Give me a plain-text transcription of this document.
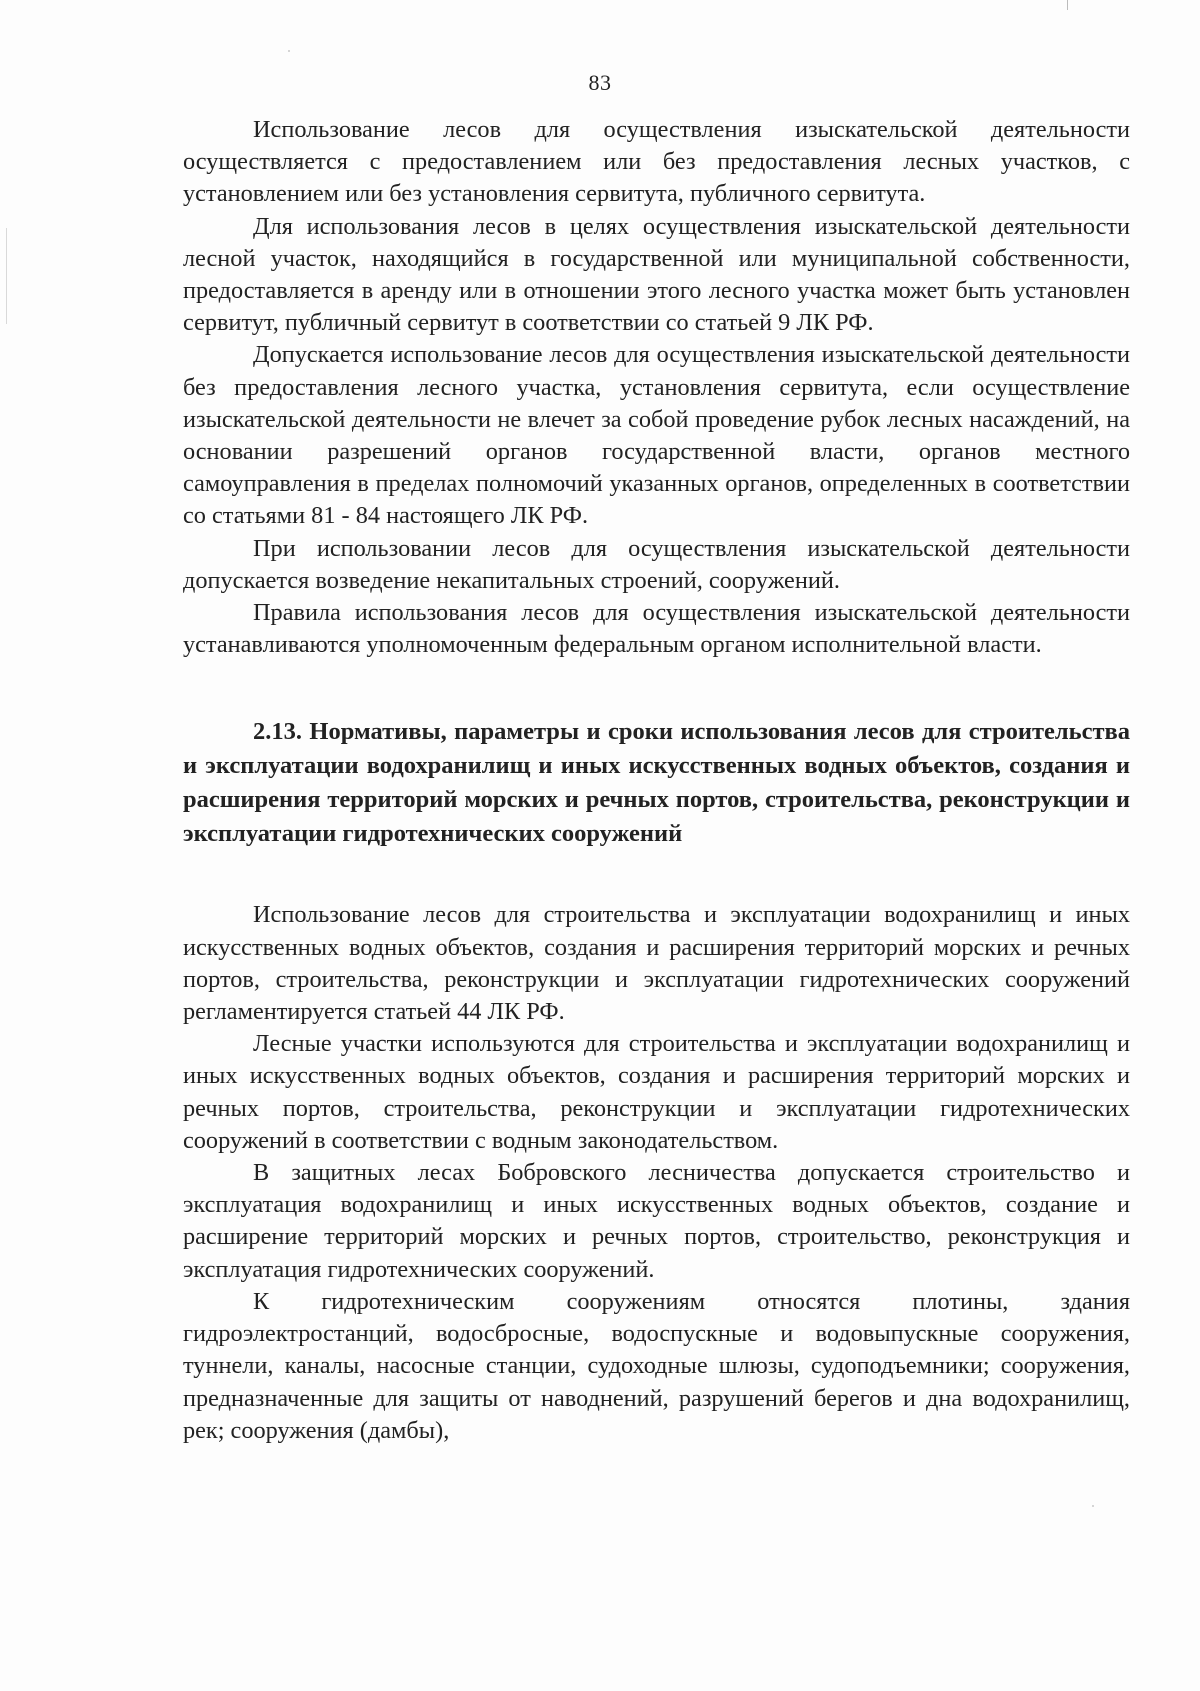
83

Использование лесов для осуществления изыскательской деятельности осуществляется с предоставлением или без предоставления лесных участков, с установлением или без установления сервитута, публичного сервитута.

Для использования лесов в целях осуществления изыскательской деятельности лесной участок, находящийся в государственной или муниципальной собственности, предоставляется в аренду или в отношении этого лесного участка может быть установлен сервитут, публичный сервитут в соответствии со статьей 9 ЛК РФ.

Допускается использование лесов для осуществления изыскательской деятельности без предоставления лесного участка, установления сервитута, если осуществление изыскательской деятельности не влечет за собой проведение рубок лесных насаждений, на основании разрешений органов государственной власти, органов местного самоуправления в пределах полномочий указанных органов, определенных в соответствии со статьями 81 - 84 настоящего ЛК РФ.

При использовании лесов для осуществления изыскательской деятельности допускается возведение некапитальных строений, сооружений.

Правила использования лесов для осуществления изыскательской деятельности устанавливаются уполномоченным федеральным органом исполнительной власти.

2.13. Нормативы, параметры и сроки использования лесов для строительства и эксплуатации водохранилищ и иных искусственных водных объектов, создания и расширения территорий морских и речных портов, строительства, реконструкции и эксплуатации гидротехнических сооружений

Использование лесов для строительства и эксплуатации водохранилищ и иных искусственных водных объектов, создания и расширения территорий морских и речных портов, строительства, реконструкции и эксплуатации гидротехнических сооружений регламентируется статьей 44 ЛК РФ.

Лесные участки используются для строительства и эксплуатации водохранилищ и иных искусственных водных объектов, создания и расширения территорий морских и речных портов, строительства, реконструкции и эксплуатации гидротехнических сооружений в соответствии с водным законодательством.

В защитных лесах Бобровского лесничества допускается строительство и эксплуатация водохранилищ и иных искусственных водных объектов, создание и расширение территорий морских и речных портов, строительство, реконструкция и эксплуатация гидротехнических сооружений.

К гидротехническим сооружениям относятся плотины, здания гидроэлектростанций, водосбросные, водоспускные и водовыпускные сооружения, туннели, каналы, насосные станции, судоходные шлюзы, судоподъемники; сооружения, предназначенные для защиты от наводнений, разрушений берегов и дна водохранилищ, рек; сооружения (дамбы),
